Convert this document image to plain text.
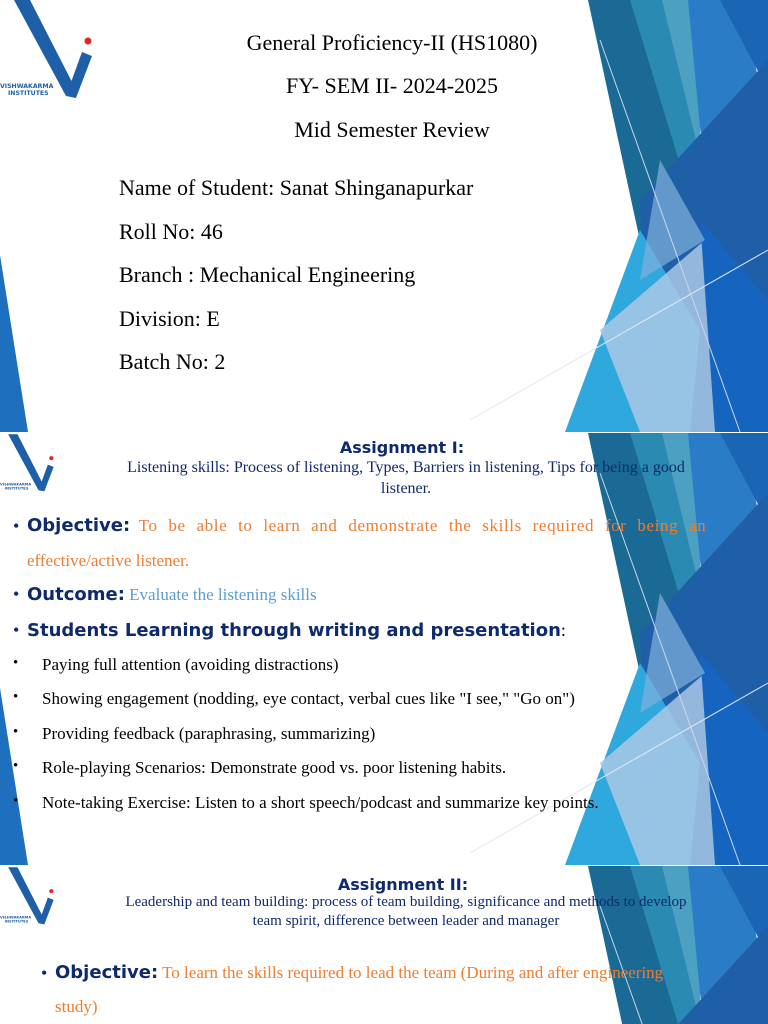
VISHWAKARMA
INSTITUTES
General Proficiency-II (HS1080)
FY- SEM II- 2024-2025
Mid Semester Review
Name of Student: Sanat Shinganapurkar
Roll No: 46
Branch : Mechanical Engineering
Division: E
Batch No: 2
VISHWAKARMA
INSTITUTES
Assignment I:
Listening skills: Process of listening, Types, Barriers in listening, Tips for being a good
listener.
• Objective: To be able to learn and demonstrate the skills required for being an
effective/active listener.
• Outcome: Evaluate the listening skills
• Students Learning through writing and presentation:
• Paying full attention (avoiding distractions)
• Showing engagement (nodding, eye contact, verbal cues like "I see," "Go on")
• Providing feedback (paraphrasing, summarizing)
• Role-playing Scenarios: Demonstrate good vs. poor listening habits.
• Note-taking Exercise: Listen to a short speech/podcast and summarize key points.
VISHWAKARMA
INSTITUTES
Assignment II:
Leadership and team building: process of team building, significance and methods to develop
team spirit, difference between leader and manager
• Objective: To learn the skills required to lead the team (During and after engineering
study)
